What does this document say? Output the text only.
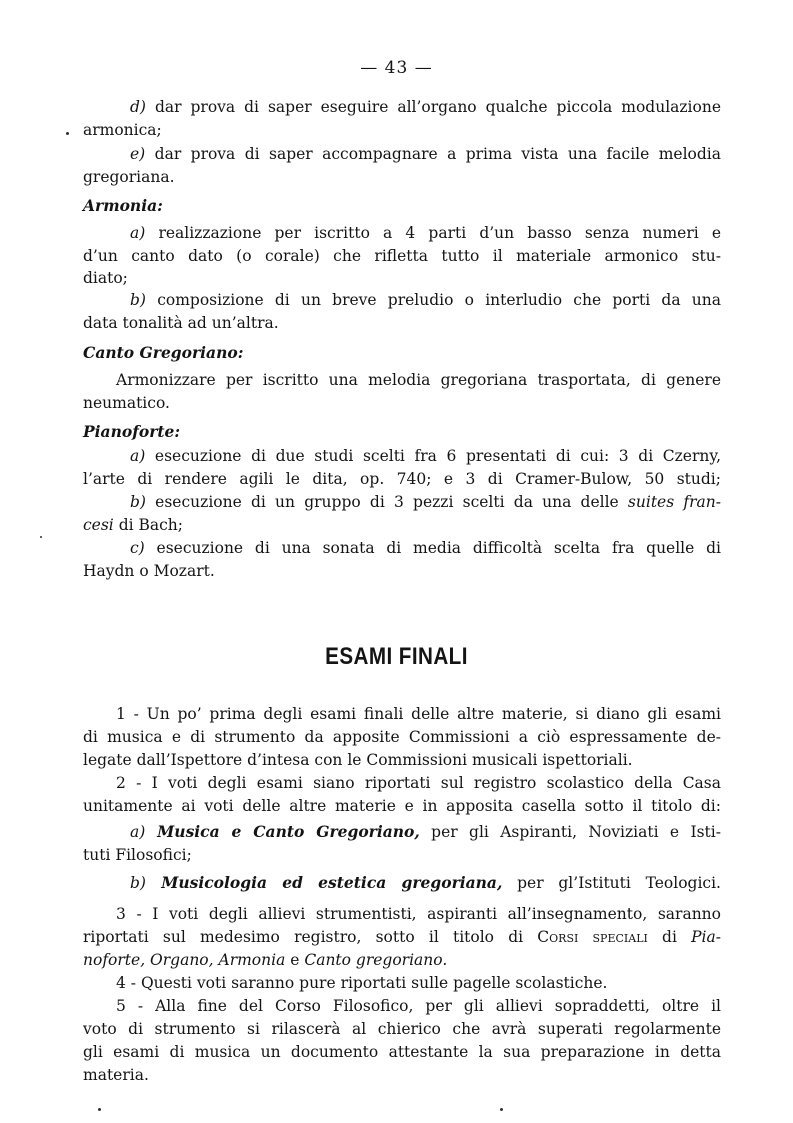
— 43 —
d) dar prova di saper eseguire all’organo qualche piccola modulazione
armonica;
e) dar prova di saper accompagnare a prima vista una facile melodia
gregoriana.
Armonia:
a) realizzazione per iscritto a 4 parti d’un basso senza numeri e
d’un canto dato (o corale) che rifletta tutto il materiale armonico stu-
diato;
b) composizione di un breve preludio o interludio che porti da una
data tonalità ad un’altra.
Canto Gregoriano:
Armonizzare per iscritto una melodia gregoriana trasportata, di genere
neumatico.
Pianoforte:
a) esecuzione di due studi scelti fra 6 presentati di cui: 3 di Czerny,
l’arte di rendere agili le dita, op. 740; e 3 di Cramer-Bulow, 50 studi;
b) esecuzione di un gruppo di 3 pezzi scelti da una delle suites fran-
cesi di Bach;
c) esecuzione di una sonata di media difficoltà scelta fra quelle di
Haydn o Mozart.
ESAMI FINALI
1 - Un po’ prima degli esami finali delle altre materie, si diano gli esami
di musica e di strumento da apposite Commissioni a ciò espressamente de-
legate dall’Ispettore d’intesa con le Commissioni musicali ispettoriali.
2 - I voti degli esami siano riportati sul registro scolastico della Casa
unitamente ai voti delle altre materie e in apposita casella sotto il titolo di:
a) Musica e Canto Gregoriano, per gli Aspiranti, Noviziati e Isti-
tuti Filosofici;
b) Musicologia ed estetica gregoriana, per gl’Istituti Teologici.
3 - I voti degli allievi strumentisti, aspiranti all’insegnamento, saranno
riportati sul medesimo registro, sotto il titolo di Corsi speciali di Pia-
noforte, Organo, Armonia e Canto gregoriano.
4 - Questi voti saranno pure riportati sulle pagelle scolastiche.
5 - Alla fine del Corso Filosofico, per gli allievi sopraddetti, oltre il
voto di strumento si rilascerà al chierico che avrà superati regolarmente
gli esami di musica un documento attestante la sua preparazione in detta
materia.
